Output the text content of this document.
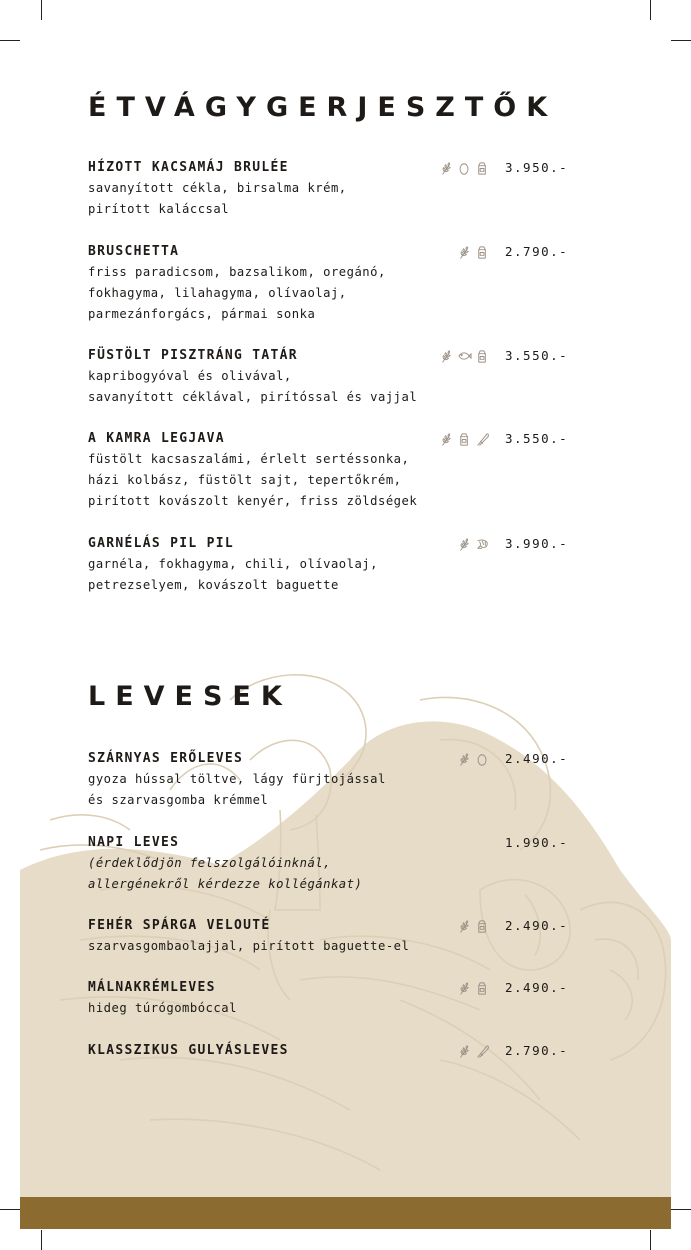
ÉTVÁGYGERJESZTŐK
HÍZOTT KACSAMÁJ BRULÉE
savanyított cékla, birsalma krém,
pirított kaláccsal
3.950.-
BRUSCHETTA
friss paradicsom, bazsalikom, oregánó,
fokhagyma, lilahagyma, olívaolaj,
parmezánforgács, pármai sonka
2.790.-
FÜSTÖLT PISZTRÁNG TATÁR
kapribogyóval és olivával,
savanyított céklával, pirítóssal és vajjal
3.550.-
A KAMRA LEGJAVA
füstölt kacsaszalámi, érlelt sertéssonka,
házi kolbász, füstölt sajt, tepertőkrém,
pirított kovászolt kenyér, friss zöldségek
3.550.-
GARNÉLÁS PIL PIL
garnéla, fokhagyma, chili, olívaolaj,
petrezselyem, kovászolt baguette
3.990.-
LEVESEK
SZÁRNYAS ERŐLEVES
gyoza hússal töltve, lágy fürjtojással
és szarvasgomba krémmel
2.490.-
NAPI LEVES
(érdeklődjön felszolgálóinknál,
allergénekről kérdezze kollégánkat)
1.990.-
FEHÉR SPÁRGA VELOUTÉ
szarvasgombaolajjal, pirított baguette-el
2.490.-
MÁLNAKRÉMLEVES
hideg túrógombóccal
2.490.-
KLASSZIKUS GULYÁSLEVES	2.790.-
